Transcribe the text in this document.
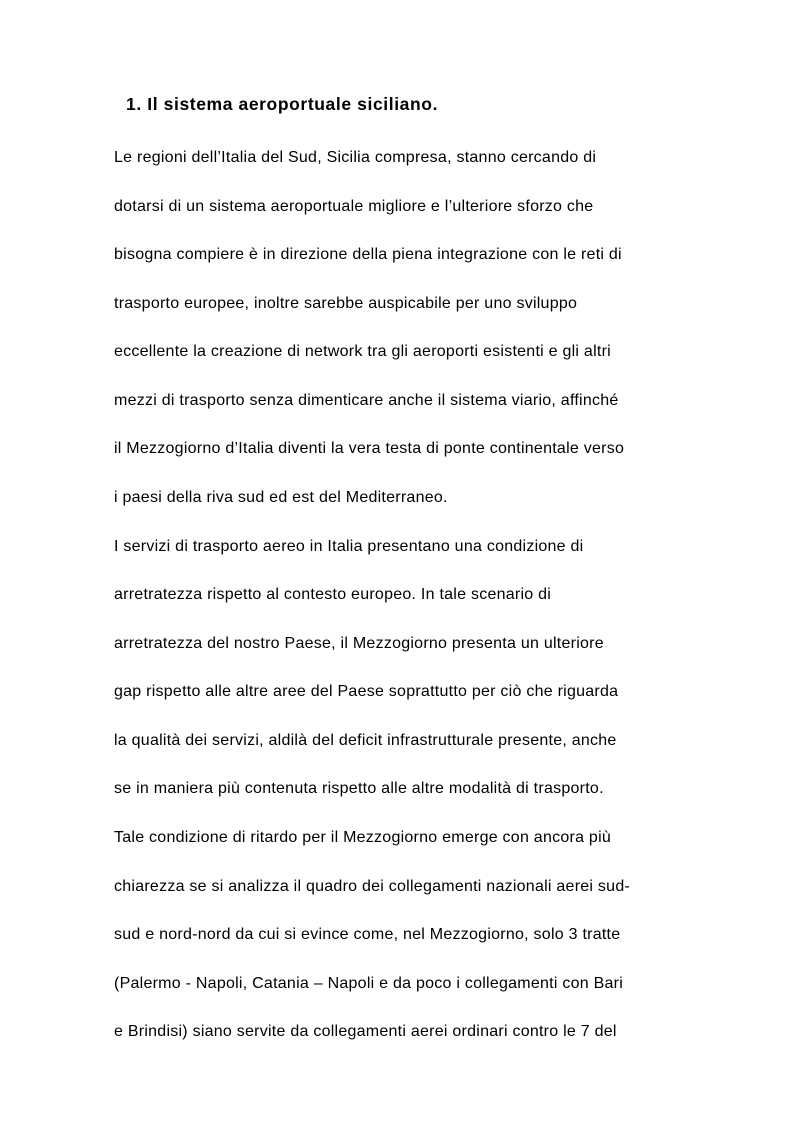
1. Il sistema aeroportuale siciliano.
Le regioni dell’Italia del Sud, Sicilia compresa, stanno cercando di
dotarsi di un sistema aeroportuale migliore e l’ulteriore sforzo che
bisogna compiere è in direzione della piena integrazione con le reti di
trasporto europee, inoltre sarebbe auspicabile per uno sviluppo
eccellente la creazione di network tra gli aeroporti esistenti e gli altri
mezzi di trasporto senza dimenticare anche il sistema viario, affinché
il Mezzogiorno d’Italia diventi la vera testa di ponte continentale verso
i paesi della riva sud ed est del Mediterraneo.
I servizi di trasporto aereo in Italia presentano una condizione di
arretratezza rispetto al contesto europeo. In tale scenario di
arretratezza del nostro Paese, il Mezzogiorno presenta un ulteriore
gap rispetto alle altre aree del Paese soprattutto per ciò che riguarda
la qualità dei servizi, aldilà del deficit infrastrutturale presente, anche
se in maniera più contenuta rispetto alle altre modalità di trasporto.
Tale condizione di ritardo per il Mezzogiorno emerge con ancora più
chiarezza se si analizza il quadro dei collegamenti nazionali aerei sud-
sud e nord-nord da cui si evince come, nel Mezzogiorno, solo 3 tratte
(Palermo - Napoli, Catania – Napoli e da poco i collegamenti con Bari
e Brindisi) siano servite da collegamenti aerei ordinari contro le 7 del
